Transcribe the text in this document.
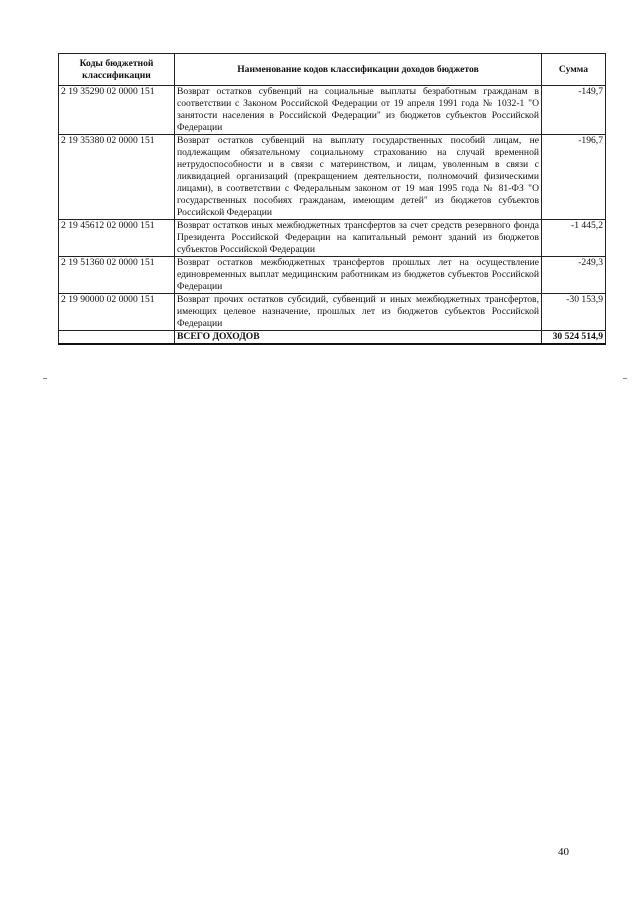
Коды бюджетной классификации	Наименование кодов классификации доходов бюджетов	Сумма
2 19 35290 02 0000 151	Возврат остатков субвенций на социальные выплаты безработным гражданам в соответствии с Законом Российской Федерации от 19 апреля 1991 года № 1032-1 "О занятости населения в Российской Федерации" из бюджетов субъектов Российской Федерации	-149,7
2 19 35380 02 0000 151	Возврат остатков субвенций на выплату государственных пособий лицам, не подлежащим обязательному социальному страхованию на случай временной нетрудоспособности и в связи с материнством, и лицам, уволенным в связи с ликвидацией организаций (прекращением деятельности, полномочий физическими лицами), в соответствии с Федеральным законом от 19 мая 1995 года № 81-ФЗ "О государственных пособиях гражданам, имеющим детей" из бюджетов субъектов Российской Федерации	-196,7
2 19 45612 02 0000 151	Возврат остатков иных межбюджетных трансфертов за счет средств резервного фонда Президента Российской Федерации на капитальный ремонт зданий из бюджетов субъектов Российской Федерации	-1 445,2
2 19 51360 02 0000 151	Возврат остатков межбюджетных трансфертов прошлых лет на осуществление единовременных выплат медицинским работникам из бюджетов субъектов Российской Федерации	-249,3
2 19 90000 02 0000 151	Возврат прочих остатков субсидий, субвенций и иных межбюджетных трансфертов, имеющих целевое назначение, прошлых лет из бюджетов субъектов Российской Федерации	-30 153,9
	ВСЕГО ДОХОДОВ	30 524 514,9
40
